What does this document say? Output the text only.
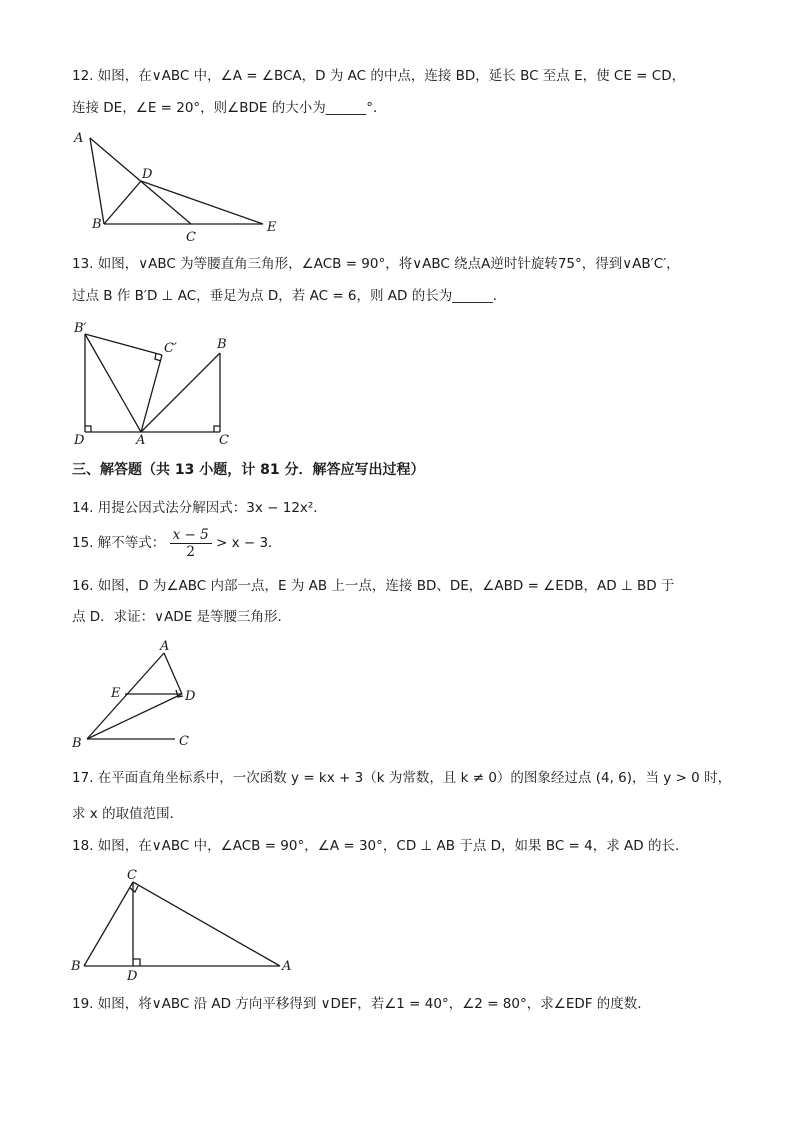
12. 如图，在∨ABC 中，∠A = ∠BCA，D 为 AC 的中点，连接 BD，延长 BC 至点 E，使 CE = CD，
连接 DE，∠E = 20°，则∠BDE 的大小为______°．
A
D
B
C
E
13. 如图，∨ABC 为等腰直角三角形，∠ACB = 90°，将∨ABC 绕点A逆时针旋转75°，得到∨AB′C′，
过点 B 作 B′D ⊥ AC，垂足为点 D，若 AC = 6，则 AD 的长为______．
B′
C′	B
D	A	C
三、解答题（共 13 小题，计 81 分．解答应写出过程）
14. 用提公因式法分解因式：3x − 12x²．
15. 解不等式： $\frac{x - 5}{2} > x - 3$．
16. 如图，D 为∠ABC 内部一点，E 为 AB 上一点，连接 BD、DE，∠ABD = ∠EDB，AD ⊥ BD 于
点 D．求证：∨ADE 是等腰三角形．
A
E	D
B	C
17. 在平面直角坐标系中，一次函数 y = kx + 3（k 为常数，且 k ≠ 0）的图象经过点 (4, 6)，当 y > 0 时，
求 x 的取值范围．
18. 如图，在∨ABC 中，∠ACB = 90°，∠A = 30°，CD ⊥ AB 于点 D，如果 BC = 4，求 AD 的长．
C
B
D
A
19. 如图，将∨ABC 沿 AD 方向平移得到 ∨DEF，若∠1 = 40°，∠2 = 80°，求∠EDF 的度数．
